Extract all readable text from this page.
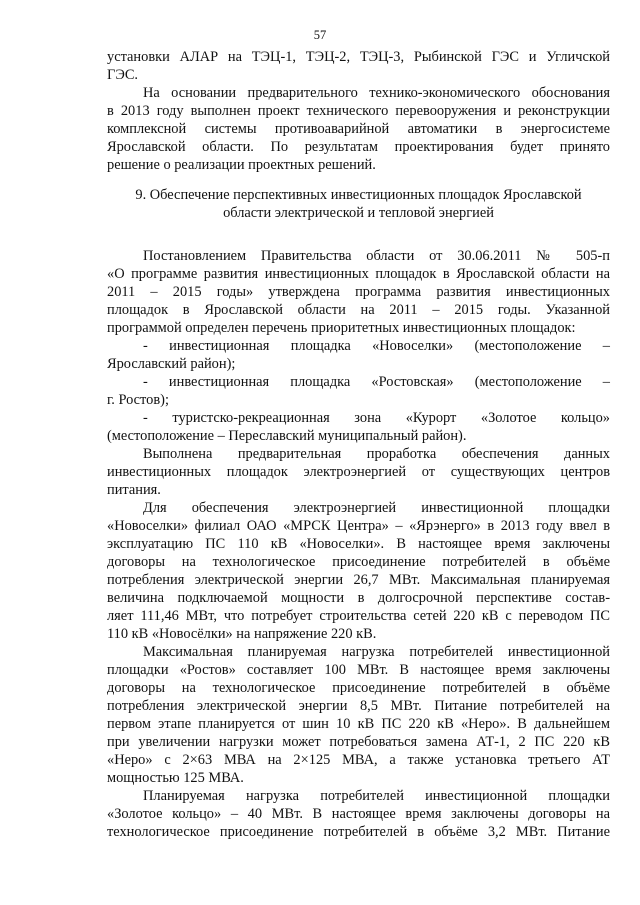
57
установки АЛАР на ТЭЦ-1, ТЭЦ-2, ТЭЦ-3, Рыбинской ГЭС и Угличской
ГЭС.
На основании предварительного технико-экономического обоснования
в 2013 году выполнен проект технического перевооружения и реконструкции
комплексной системы противоаварийной автоматики в энергосистеме
Ярославской области. По результатам проектирования будет принято
решение о реализации проектных решений.
9. Обеспечение перспективных инвестиционных площадок Ярославской
области электрической и тепловой энергией
Постановлением Правительства области от 30.06.2011 № 505-п
«О программе развития инвестиционных площадок в Ярославской области на
2011 – 2015 годы» утверждена программа развития инвестиционных
площадок в Ярославской области на 2011 – 2015 годы. Указанной
программой определен перечень приоритетных инвестиционных площадок:
- инвестиционная площадка «Новоселки» (местоположение –
Ярославский район);
- инвестиционная площадка «Ростовская» (местоположение –
г. Ростов);
- туристско-рекреационная зона «Курорт «Золотое кольцо»
(местоположение – Переславский муниципальный район).
Выполнена предварительная проработка обеспечения данных
инвестиционных площадок электроэнергией от существующих центров
питания.
Для обеспечения электроэнергией инвестиционной площадки
«Новоселки» филиал ОАО «МРСК Центра» – «Ярэнерго» в 2013 году ввел в
эксплуатацию ПС 110 кВ «Новоселки». В настоящее время заключены
договоры на технологическое присоединение потребителей в объёме
потребления электрической энергии 26,7 МВт. Максимальная планируемая
величина подключаемой мощности в долгосрочной перспективе состав-
ляет 111,46 МВт, что потребует строительства сетей 220 кВ с переводом ПС
110 кВ «Новосёлки» на напряжение 220 кВ.
Максимальная планируемая нагрузка потребителей инвестиционной
площадки «Ростов» составляет 100 МВт. В настоящее время заключены
договоры на технологическое присоединение потребителей в объёме
потребления электрической энергии 8,5 МВт. Питание потребителей на
первом этапе планируется от шин 10 кВ ПС 220 кВ «Неро». В дальнейшем
при увеличении нагрузки может потребоваться замена АТ-1, 2 ПС 220 кВ
«Неро» с 2×63 МВА на 2×125 МВА, а также установка третьего АТ
мощностью 125 МВА.
Планируемая нагрузка потребителей инвестиционной площадки
«Золотое кольцо» – 40 МВт. В настоящее время заключены договоры на
технологическое присоединение потребителей в объёме 3,2 МВт. Питание
